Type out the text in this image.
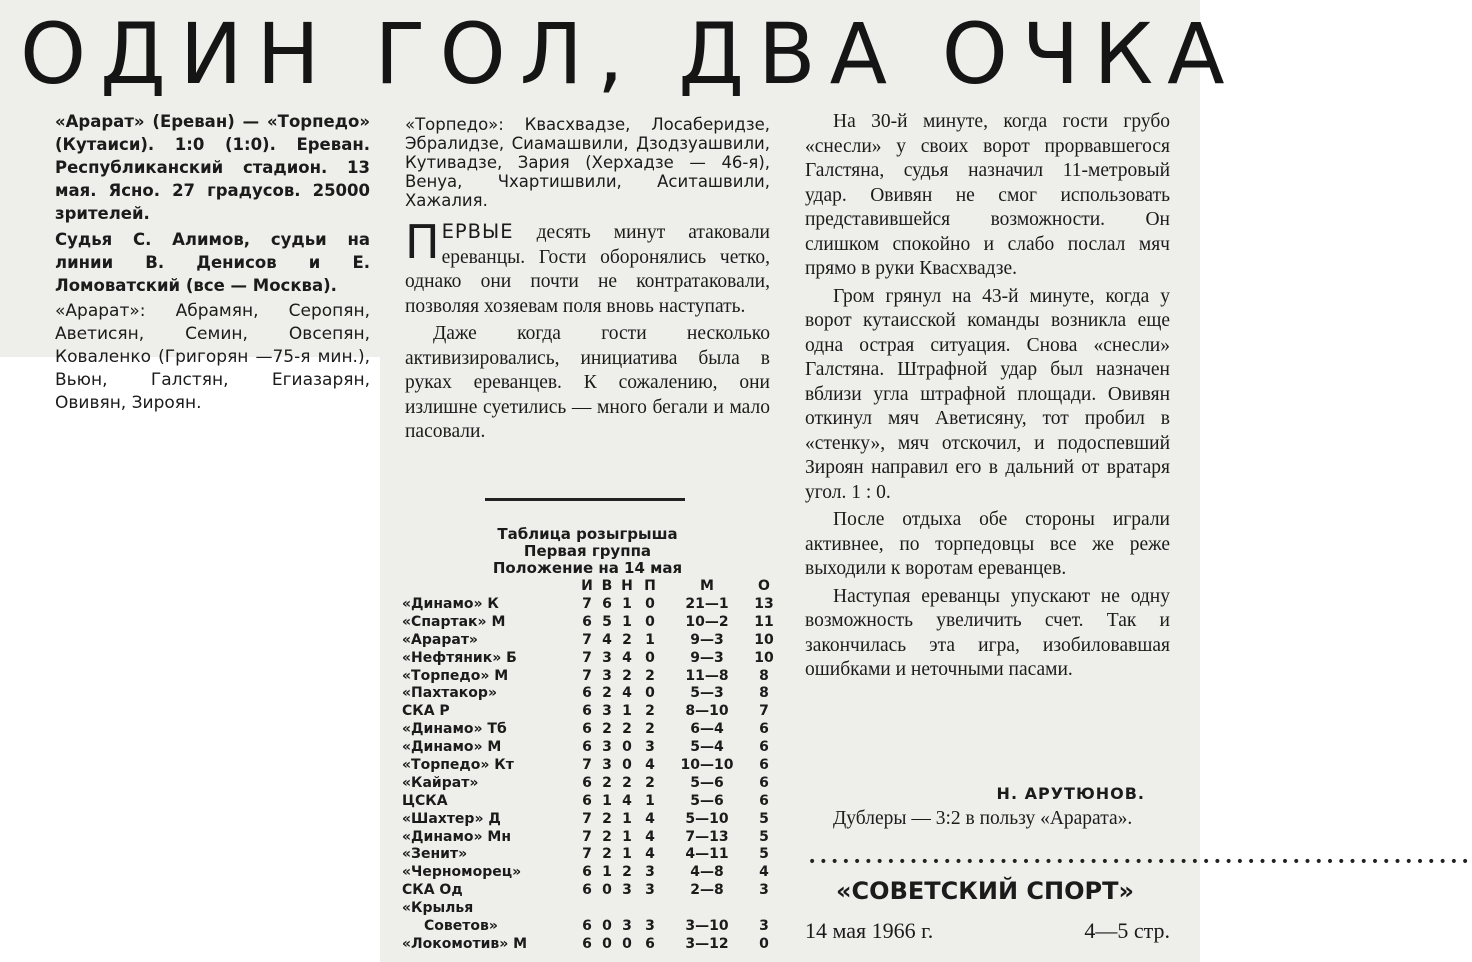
ОДИН ГОЛ, ДВА ОЧКА

«Арарат» (Ереван) — «Торпедо» (Кутаиси). 1:0 (1:0). Ереван. Республиканский стадион. 13 мая. Ясно. 27 градусов. 25000 зрителей.

Судья С. Алимов, судьи на линии В. Денисов и Е. Ломоватский (все — Москва).

«Арарат»: Абрамян, Серопян, Аветисян, Семин, Овсепян, Коваленко (Григорян —75-я мин.), Вьюн, Галстян, Егиазарян, Овивян, Зироян.

«Торпедо»: Квасхвадзе, Лосаберидзе, Эбралидзе, Сиамашвили, Дзодзуашвили, Кутивадзе, Зария (Херхадзе — 46-я), Венуа, Чхартишвили, Аситашвили, Хажалия.

ПЕРВЫЕ десять минут атаковали ереванцы. Гости оборонялись четко, однако они почти не контратаковали, позволяя хозяевам поля вновь наступать.

Даже когда гости несколько активизировались, инициатива была в руках ереванцев. К сожалению, они излишне суетились — много бегали и мало пасовали.

Таблица розыгрыша
Первая группа
Положение на 14 мая
И В Н П	М	О
«Динамо» К	7 6 1 0	21—1	13
«Спартак» М	6 5 1 0	10—2	11
«Арарат»	7 4 2 1	9—3	10
«Нефтяник» Б	7 3 4 0	9—3	10
«Торпедо» М	7 3 2 2	11—8	8
«Пахтакор»	6 2 4 0	5—3	8
СКА Р	6 3 1 2	8—10	7
«Динамо» Тб	6 2 2 2	6—4	6
«Динамо» М	6 3 0 3	5—4	6
«Торпедо» Кт	7 3 0 4	10—10	6
«Кайрат»	6 2 2 2	5—6	6
ЦСКА	6 1 4 1	5—6	6
«Шахтер» Д	7 2 1 4	5—10	5
«Динамо» Мн	7 2 1 4	7—13	5
«Зенит»	7 2 1 4	4—11	5
«Черноморец»	6 1 2 3	4—8	4
СКА Од	6 0 3 3	2—8	3
«Крылья
Советов»	6 0 3 3	3—10	3
«Локомотив» М	6 0 0 6	3—12	0

На 30-й минуте, когда гости грубо «снесли» у своих ворот прорвавшегося Галстяна, судья назначил 11-метровый удар. Овивян не смог использовать представившейся возможности. Он слишком спокойно и слабо послал мяч прямо в руки Квасхвадзе.

Гром грянул на 43-й минуте, когда у ворот кутаисской команды возникла еще одна острая ситуация. Снова «снесли» Галстяна. Штрафной удар был назначен вблизи угла штрафной площади. Овивян откинул мяч Аветисяну, тот пробил в «стенку», мяч отскочил, и подоспевший Зироян направил его в дальний от вратаря угол. 1 : 0.

После отдыха обе стороны играли активнее, по торпедовцы все же реже выходили к воротам ереванцев.

Наступая ереванцы упускают не одну возможность увеличить счет. Так и закончилась эта игра, изобиловавшая ошибками и неточными пасами.

Н. АРУТЮНОВ.
Дублеры — 3:2 в пользу «Арарата».
•••••••••••••••••••••••••••••••••••••••••••••••••••••••••••
«СОВЕТСКИЙ СПОРТ»
14 мая 1966 г.	4—5 стр.
